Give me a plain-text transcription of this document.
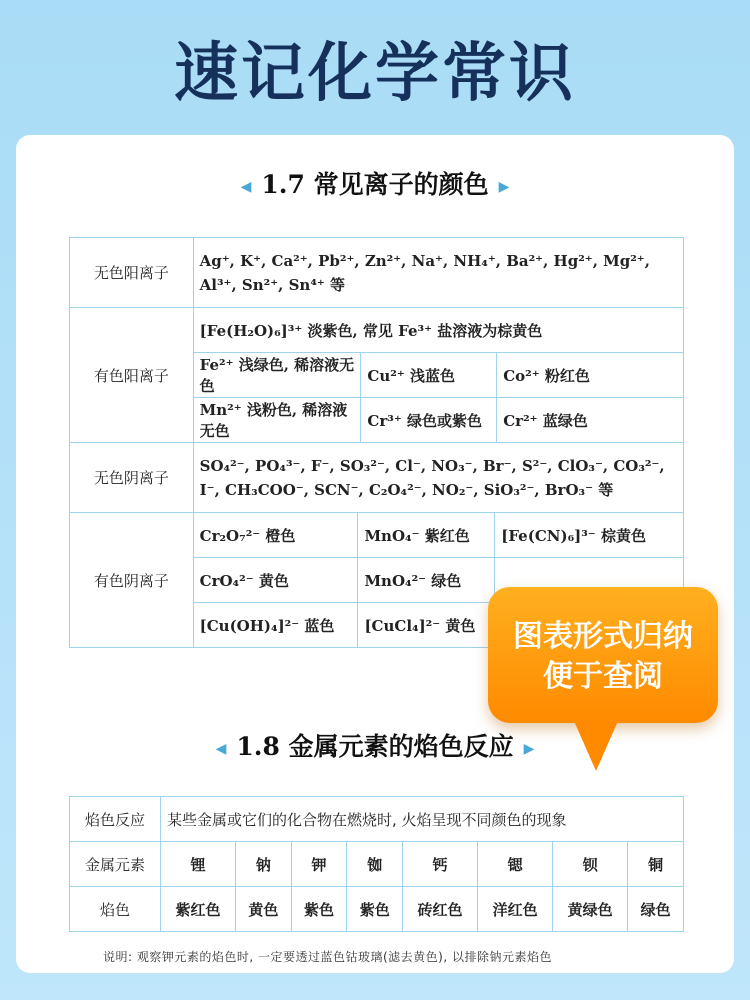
速记化学常识
◀ 1.7 常见离子的颜色 ▶
无色阳离子	Ag⁺, K⁺, Ca²⁺, Pb²⁺, Zn²⁺, Na⁺, NH₄⁺, Ba²⁺, Hg²⁺, Mg²⁺, Al³⁺, Sn²⁺, Sn⁴⁺ 等				
有色阳离子	[Fe(H₂O)₆]³⁺ 淡紫色, 常见 Fe³⁺ 盐溶液为棕黄色				
	Fe²⁺ 浅绿色, 稀溶液无色		Cu²⁺ 浅蓝色		Co²⁺ 粉红色
	Mn²⁺ 浅粉色, 稀溶液无色		Cr³⁺ 绿色或紫色		Cr²⁺ 蓝绿色
无色阴离子	SO₄²⁻, PO₄³⁻, F⁻, SO₃²⁻, Cl⁻, NO₃⁻, Br⁻, S²⁻, ClO₃⁻, CO₃²⁻, I⁻, CH₃COO⁻, SCN⁻, C₂O₄²⁻, NO₂⁻, SiO₃²⁻, BrO₃⁻ 等				
有色阴离子	Cr₂O₇²⁻ 橙色	MnO₄⁻ 紫红色		[Fe(CN)₆]³⁻ 棕黄色	
	CrO₄²⁻ 黄色	MnO₄²⁻ 绿色			
	[Cu(OH)₄]²⁻ 蓝色	[CuCl₄]²⁻ 黄色			
◀ 1.8 金属元素的焰色反应 ▶
焰色反应	某些金属或它们的化合物在燃烧时, 火焰呈现不同颜色的现象							
金属元素	锂	钠	钾	铷	钙	锶	钡	铜
焰色	紫红色	黄色	紫色	紫色	砖红色	洋红色	黄绿色	绿色
说明: 观察钾元素的焰色时, 一定要透过蓝色钴玻璃(滤去黄色), 以排除钠元素焰色
图表形式归纳
便于查阅
